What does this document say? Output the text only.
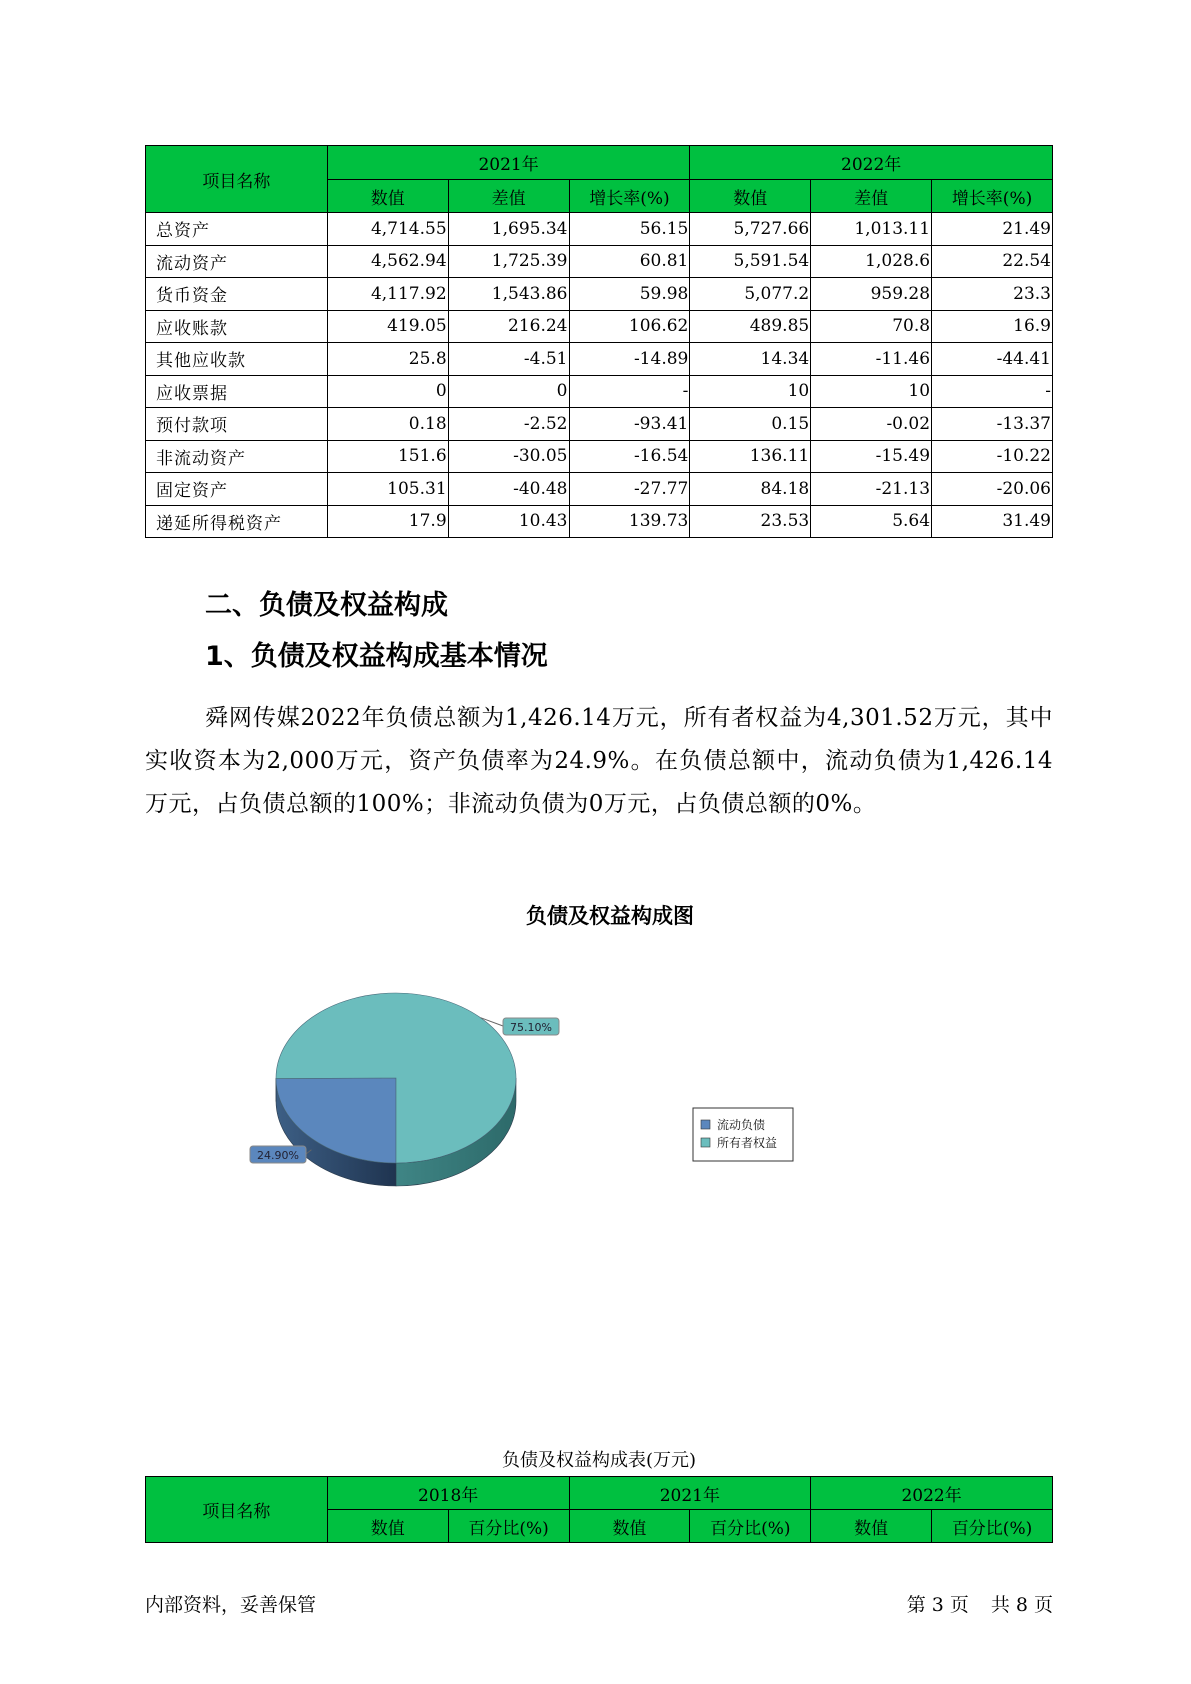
项目名称	2021年			2022年		
	数值	差值	增长率(%)	数值	差值	增长率(%)
总资产	4,714.55	1,695.34	56.15	5,727.66	1,013.11	21.49
流动资产	4,562.94	1,725.39	60.81	5,591.54	1,028.6	22.54
货币资金	4,117.92	1,543.86	59.98	5,077.2	959.28	23.3
应收账款	419.05	216.24	106.62	489.85	70.8	16.9
其他应收款	25.8	-4.51	-14.89	14.34	-11.46	-44.41
应收票据	0	0	-	10	10	-
预付款项	0.18	-2.52	-93.41	0.15	-0.02	-13.37
非流动资产	151.6	-30.05	-16.54	136.11	-15.49	-10.22
固定资产	105.31	-40.48	-27.77	84.18	-21.13	-20.06
递延所得税资产	17.9	10.43	139.73	23.53	5.64	31.49
二、负债及权益构成
1、负债及权益构成基本情况

舜网传媒2022年负债总额为1,426.14万元，所有者权益为4,301.52万元，其中实收资本为2,000万元，资产负债率为24.9%。在负债总额中，流动负债为1,426.14万元，占负债总额的100%；非流动负债为0万元，占负债总额的0%。

负债及权益构成图
24.90%
75.10%
流动负债
所有者权益
负债及权益构成表(万元)
项目名称	2018年		2021年		2022年	
	数值	百分比(%)	数值	百分比(%)	数值	百分比(%)
内部资料，妥善保管	第 3 页 共 8 页
